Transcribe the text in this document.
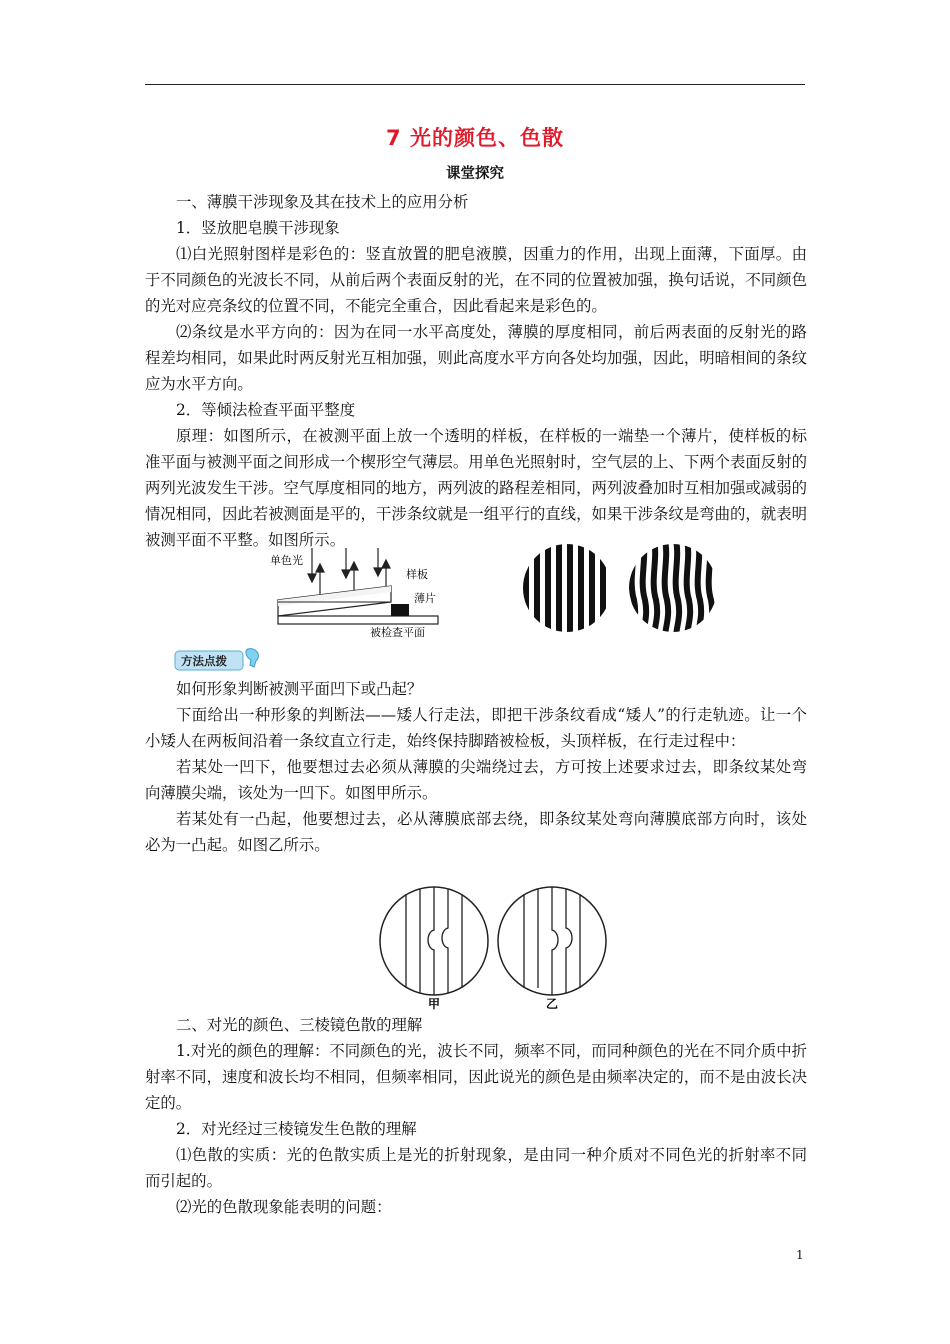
7 光的颜色、色散
课堂探究

一、薄膜干涉现象及其在技术上的应用分析

1．竖放肥皂膜干涉现象

⑴白光照射图样是彩色的：竖直放置的肥皂液膜，因重力的作用，出现上面薄，下面厚。由于不同颜色的光波长不同，从前后两个表面反射的光，在不同的位置被加强，换句话说，不同颜色的光对应亮条纹的位置不同，不能完全重合，因此看起来是彩色的。

⑵条纹是水平方向的：因为在同一水平高度处，薄膜的厚度相同，前后两表面的反射光的路程差均相同，如果此时两反射光互相加强，则此高度水平方向各处均加强，因此，明暗相间的条纹应为水平方向。

2．等倾法检查平面平整度

原理：如图所示，在被测平面上放一个透明的样板，在样板的一端垫一个薄片，使样板的标准平面与被测平面之间形成一个楔形空气薄层。用单色光照射时，空气层的上、下两个表面反射的两列光波发生干涉。空气厚度相同的地方，两列波的路程差相同，两列波叠加时互相加强或减弱的情况相同，因此若被测面是平的，干涉条纹就是一组平行的直线，如果干涉条纹是弯曲的，就表明被测平面不平整。如图所示。

单色光
样板
薄片
被检查平面
方法点拨

如何形象判断被测平面凹下或凸起？

下面给出一种形象的判断法——矮人行走法，即把干涉条纹看成“矮人”的行走轨迹。让一个小矮人在两板间沿着一条纹直立行走，始终保持脚踏被检板，头顶样板，在行走过程中：

若某处一凹下，他要想过去必须从薄膜的尖端绕过去，方可按上述要求过去，即条纹某处弯向薄膜尖端，该处为一凹下。如图甲所示。

若某处有一凸起，他要想过去，必从薄膜底部去绕，即条纹某处弯向薄膜底部方向时，该处必为一凸起。如图乙所示。

甲	乙

二、对光的颜色、三棱镜色散的理解

1.对光的颜色的理解：不同颜色的光，波长不同，频率不同，而同种颜色的光在不同介质中折射率不同，速度和波长均不相同，但频率相同，因此说光的颜色是由频率决定的，而不是由波长决定的。

2．对光经过三棱镜发生色散的理解

⑴色散的实质：光的色散实质上是光的折射现象，是由同一种介质对不同色光的折射率不同而引起的。

⑵光的色散现象能表明的问题：

1
